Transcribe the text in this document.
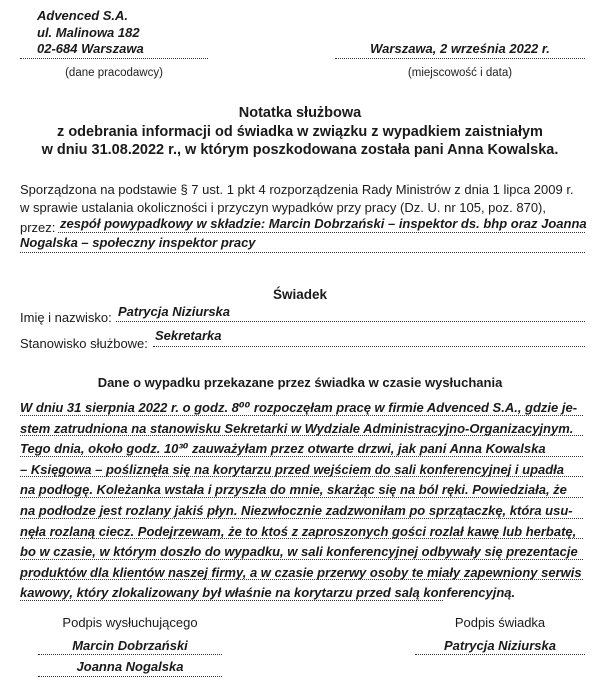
Advenced S.A.
ul. Malinowa 182
02-684 Warszawa
(dane pracodawcy)
Warszawa, 2 września 2022 r.
(miejscowość i data)
Notatka służbowa
z odebrania informacji od świadka w związku z wypadkiem zaistniałym
w dniu 31.08.2022 r., w którym poszkodowana została pani Anna Kowalska.
Sporządzona na podstawie § 7 ust. 1 pkt 4 rozporządzenia Rady Ministrów z dnia 1 lipca 2009 r.
w sprawie ustalania okoliczności i przyczyn wypadków przy pracy (Dz. U. nr 105, poz. 870),
przez: zespół powypadkowy w składzie: Marcin Dobrzański – inspektor ds. bhp oraz Joanna
Nogalska – społeczny inspektor pracy
Świadek
Imię i nazwisko: Patrycja Niziurska
Stanowisko służbowe:
Sekretarka
Dane o wypadku przekazane przez świadka w czasie wysłuchania
W dniu 31 sierpnia 2022 r. o godz. 8⁰⁰ rozpoczęłam pracę w firmie Advenced S.A., gdzie je-
stem zatrudniona na stanowisku Sekretarki w Wydziale Administracyjno-Organizacyjnym.
Tego dnia, około godz. 10³⁰ zauważyłam przez otwarte drzwi, jak pani Anna Kowalska
– Księgowa – pośliznęła się na korytarzu przed wejściem do sali konferencyjnej i upadła
na podłogę. Koleżanka wstała i przyszła do mnie, skarżąc się na ból ręki. Powiedziała, że
na podłodze jest rozlany jakiś płyn. Niezwłocznie zadzwoniłam po sprzątaczkę, która usu-
nęła rozlaną ciecz. Podejrzewam, że to ktoś z zaproszonych gości rozlał kawę lub herbatę,
bo w czasie, w którym doszło do wypadku, w sali konferencyjnej odbywały się prezentacje
produktów dla klientów naszej firmy, a w czasie przerwy osoby te miały zapewniony serwis
kawowy, który zlokalizowany był właśnie na korytarzu przed salą konferencyjną.
Podpis wysłuchującego
Marcin Dobrzański
Joanna Nogalska
Podpis świadka
Patrycja Niziurska
